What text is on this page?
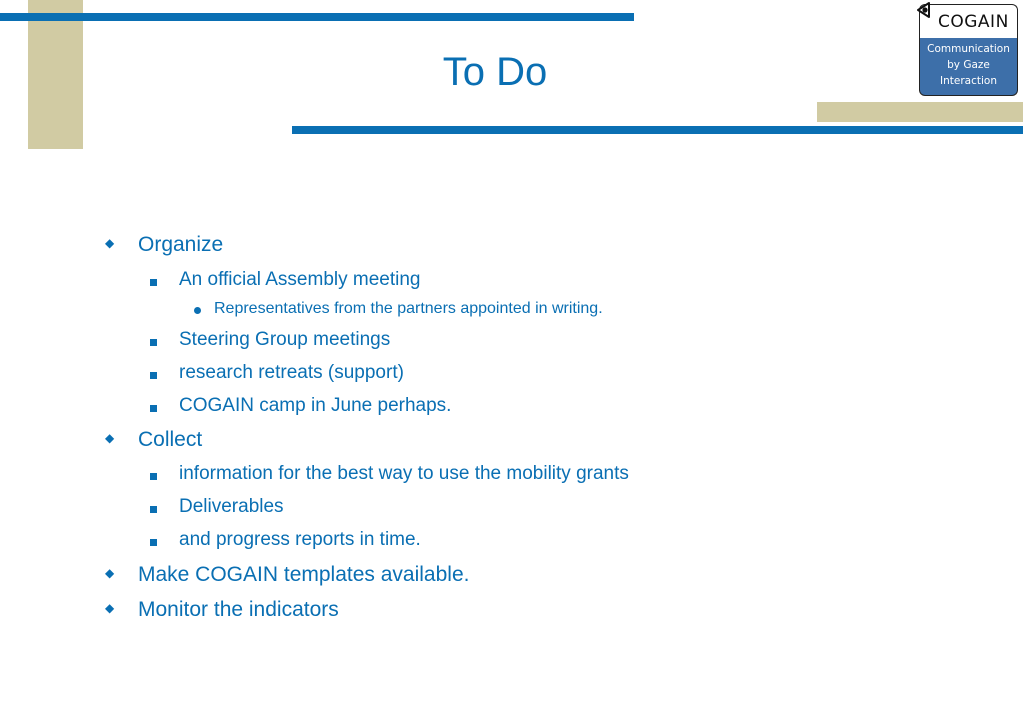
To Do
COGAIN
Communication
by Gaze
Interaction
◆ Organize
An official Assembly meeting
Representatives from the partners appointed in writing.
Steering Group meetings
research retreats (support)
COGAIN camp in June perhaps.
◆ Collect
information for the best way to use the mobility grants
Deliverables
and progress reports in time.
◆ Make COGAIN templates available.
◆ Monitor the indicators
